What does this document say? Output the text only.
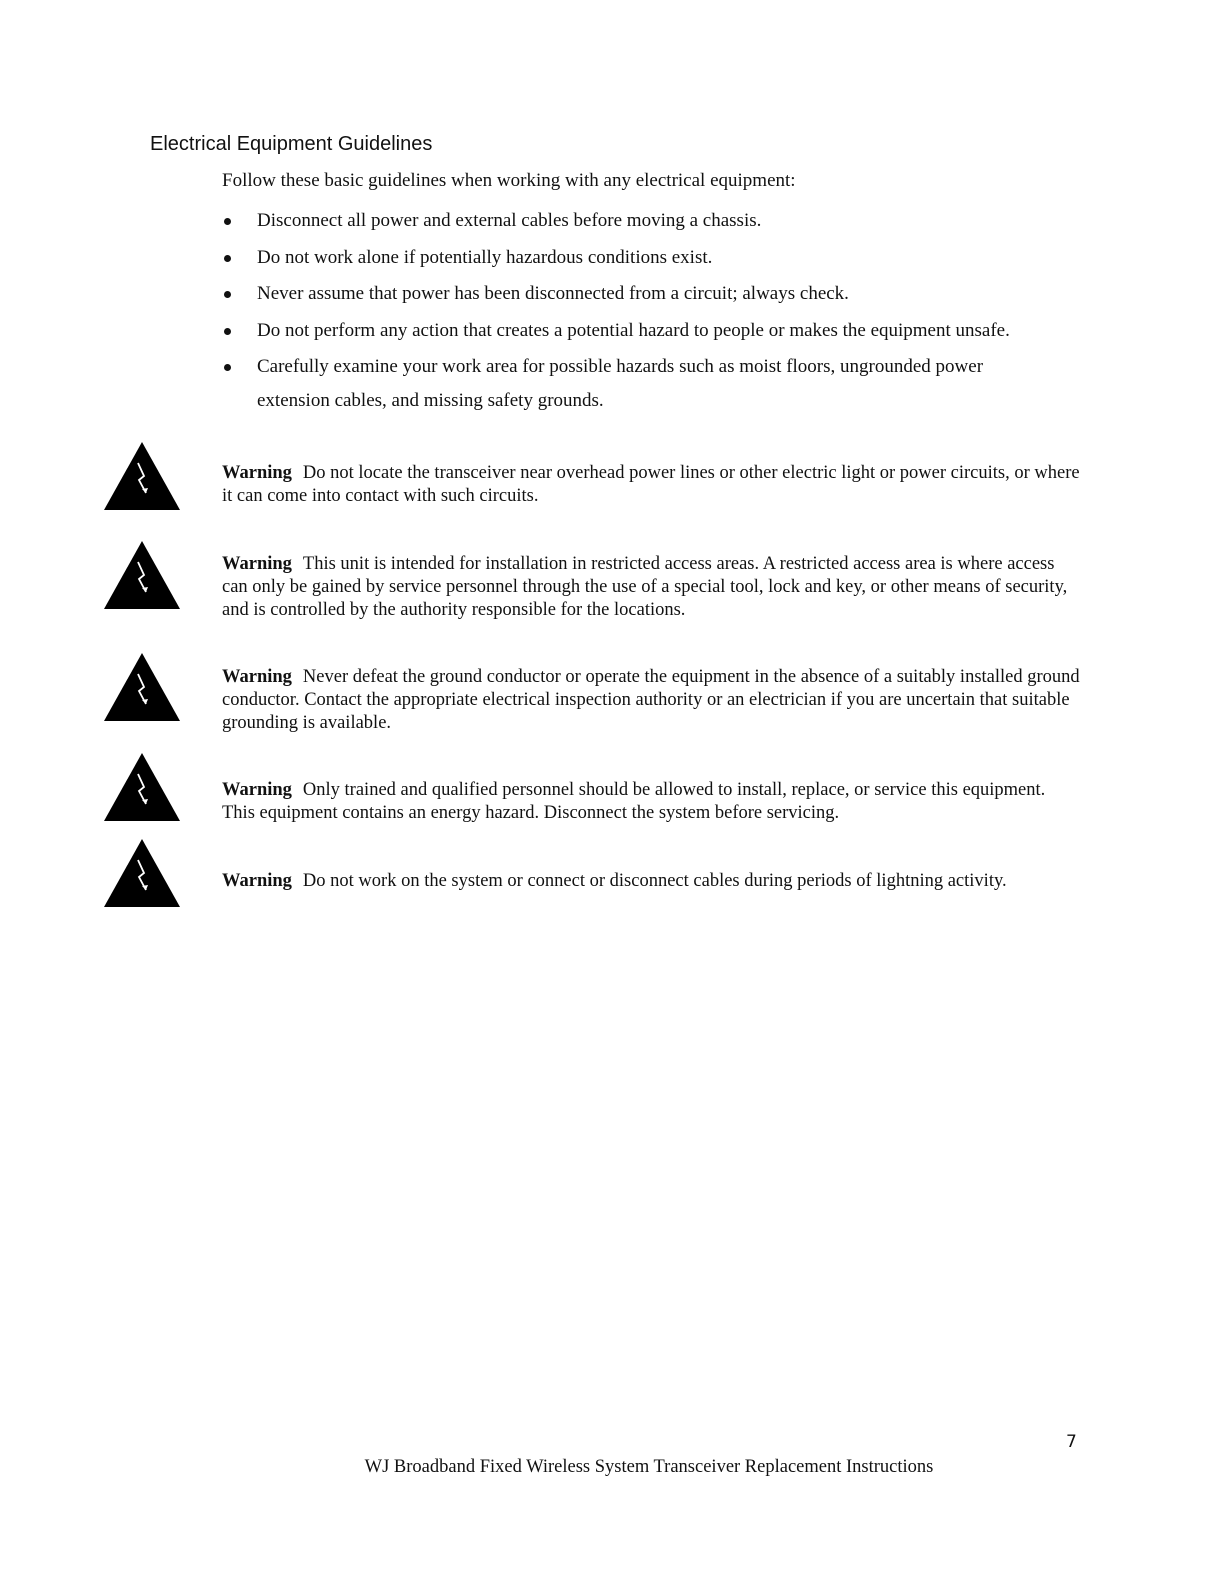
Electrical Equipment Guidelines

Follow these basic guidelines when working with any electrical equipment:

Disconnect all power and external cables before moving a chassis.
Do not work alone if potentially hazardous conditions exist.
Never assume that power has been disconnected from a circuit; always check.
Do not perform any action that creates a potential hazard to people or makes the equipment unsafe.
Carefully examine your work area for possible hazards such as moist floors, ungrounded power extension cables, and missing safety grounds.
Warning Do not locate the transceiver near overhead power lines or other electric light or power circuits, or where it can come into contact with such circuits.
Warning This unit is intended for installation in restricted access areas. A restricted access area is where access can only be gained by service personnel through the use of a special tool, lock and key, or other means of security, and is controlled by the authority responsible for the locations.
Warning Never defeat the ground conductor or operate the equipment in the absence of a suitably installed ground conductor. Contact the appropriate electrical inspection authority or an electrician if you are uncertain that suitable grounding is available.
Warning Only trained and qualified personnel should be allowed to install, replace, or service this equipment. This equipment contains an energy hazard. Disconnect the system before servicing.
Warning Do not work on the system or connect or disconnect cables during periods of lightning activity.
7
WJ Broadband Fixed Wireless System Transceiver Replacement Instructions
